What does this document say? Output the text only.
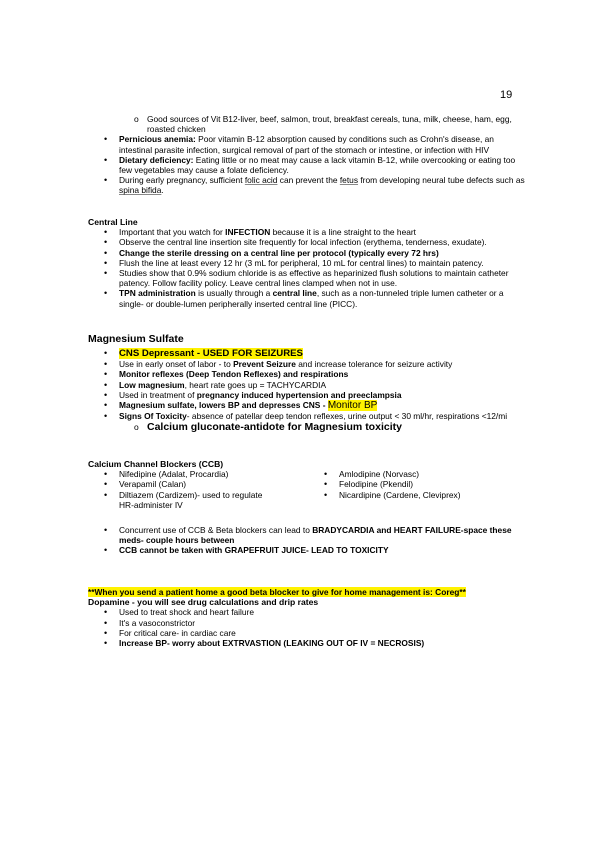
19
o Good sources of Vit B12-liver, beef, salmon, trout, breakfast cereals, tuna, milk, cheese, ham, egg, roasted chicken
• Pernicious anemia: Poor vitamin B-12 absorption caused by conditions such as Crohn's disease, an intestinal parasite infection, surgical removal of part of the stomach or intestine, or infection with HIV
• Dietary deficiency: Eating little or no meat may cause a lack vitamin B-12, while overcooking or eating too few vegetables may cause a folate deficiency.
• During early pregnancy, sufficient folic acid can prevent the fetus from developing neural tube defects such as spina bifida.
Central Line
• Important that you watch for INFECTION because it is a line straight to the heart
• Observe the central line insertion site frequently for local infection (erythema, tenderness, exudate).
• Change the sterile dressing on a central line per protocol (typically every 72 hrs)
• Flush the line at least every 12 hr (3 mL for peripheral, 10 mL for central lines) to maintain patency.
• Studies show that 0.9% sodium chloride is as effective as heparinized flush solutions to maintain catheter patency. Follow facility policy. Leave central lines clamped when not in use.
• TPN administration is usually through a central line, such as a non-tunneled triple lumen catheter or a single- or double-lumen peripherally inserted central line (PICC).
Magnesium Sulfate
• CNS Depressant - USED FOR SEIZURES
• Use in early onset of labor - to Prevent Seizure and increase tolerance for seizure activity
• Monitor reflexes (Deep Tendon Reflexes) and respirations
• Low magnesium, heart rate goes up = TACHYCARDIA
• Used in treatment of pregnancy induced hypertension and preeclampsia
• Magnesium sulfate, lowers BP and depresses CNS - Monitor BP
• Signs Of Toxicity- absence of patellar deep tendon reflexes, urine output < 30 ml/hr, respirations <12/mi
o Calcium gluconate-antidote for Magnesium toxicity
Calcium Channel Blockers (CCB)
• Nifedipine (Adalat, Procardia)
• Verapamil (Calan)
• Diltiazem (Cardizem)- used to regulate HR-administer IV
• Amlodipine (Norvasc)
• Felodipine (Pkendil)
• Nicardipine (Cardene, Cleviprex)
• Concurrent use of CCB & Beta blockers can lead to BRADYCARDIA and HEART FAILURE-space these meds- couple hours between
• CCB cannot be taken with GRAPEFRUIT JUICE- LEAD TO TOXICITY
**When you send a patient home a good beta blocker to give for home management is: Coreg**
Dopamine - you will see drug calculations and drip rates
• Used to treat shock and heart failure
• It's a vasoconstrictor
• For critical care- in cardiac care
• Increase BP- worry about EXTRVASTION (LEAKING OUT OF IV = NECROSIS)
